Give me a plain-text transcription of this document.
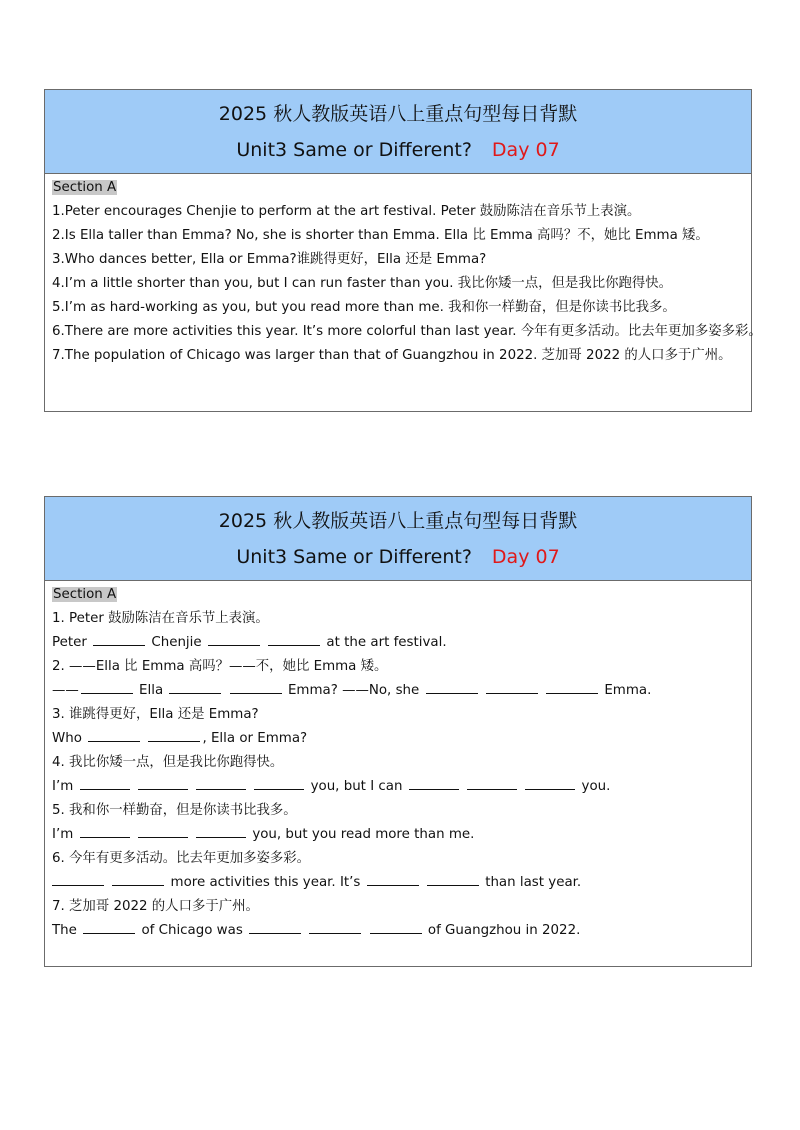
2025 秋人教版英语八上重点句型每日背默
Unit3 Same or Different? Day 07
Section A
1.Peter encourages Chenjie to perform at the art festival. Peter 鼓励陈洁在音乐节上表演。
2.Is Ella taller than Emma? No, she is shorter than Emma. Ella 比 Emma 高吗？不，她比 Emma 矮。
3.Who dances better, Ella or Emma?谁跳得更好，Ella 还是 Emma?
4.I’m a little shorter than you, but I can run faster than you. 我比你矮一点，但是我比你跑得快。
5.I’m as hard-working as you, but you read more than me. 我和你一样勤奋，但是你读书比我多。
6.There are more activities this year. It’s more colorful than last year. 今年有更多活动。比去年更加多姿多彩。
7.The population of Chicago was larger than that of Guangzhou in 2022. 芝加哥 2022 的人口多于广州。
2025 秋人教版英语八上重点句型每日背默
Unit3 Same or Different? Day 07
Section A
1. Peter 鼓励陈洁在音乐节上表演。
Peter	Chenjie	at the art festival.
2. ——Ella 比 Emma 高吗？——不，她比 Emma 矮。
——	Ella	Emma? ——No, she	Emma.
3. 谁跳得更好，Ella 还是 Emma?
Who	, Ella or Emma?
4. 我比你矮一点，但是我比你跑得快。
I’m	you, but I can	you.
5. 我和你一样勤奋，但是你读书比我多。
I’m	you, but you read more than me.
6. 今年有更多活动。比去年更加多姿多彩。
more activities this year. It’s	than last year.
7. 芝加哥 2022 的人口多于广州。
The	of Chicago was	of Guangzhou in 2022.
